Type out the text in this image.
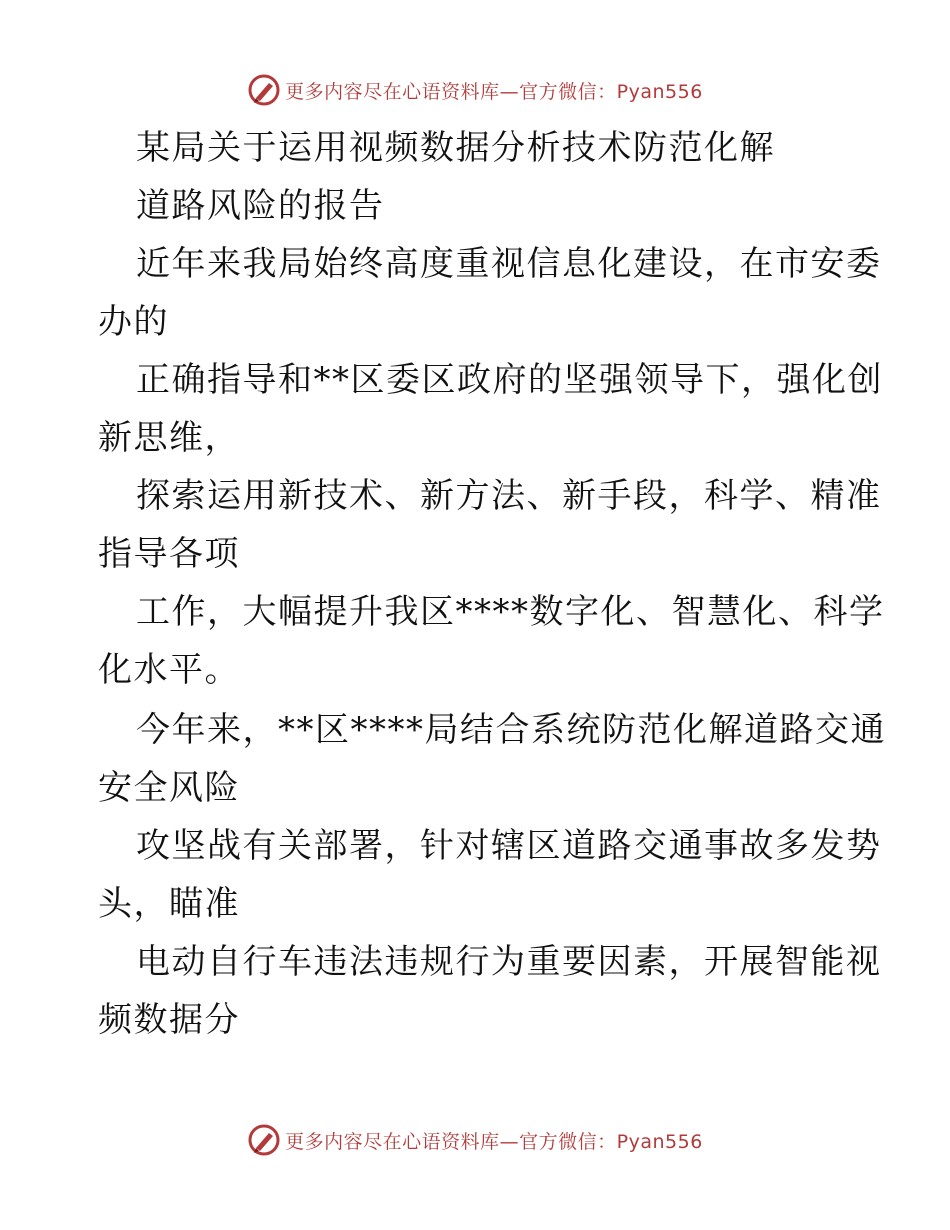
更多内容尽在心语资料库—官方微信：Pyan556
某局关于运用视频数据分析技术防范化解
道路风险的报告
近年来我局始终高度重视信息化建设，在市安委
办的
正确指导和**区委区政府的坚强领导下，强化创
新思维，
探索运用新技术、新方法、新手段，科学、精准
指导各项
工作，大幅提升我区****数字化、智慧化、科学
化水平。
今年来，**区****局结合系统防范化解道路交通
安全风险
攻坚战有关部署，针对辖区道路交通事故多发势
头，瞄准
电动自行车违法违规行为重要因素，开展智能视
频数据分
更多内容尽在心语资料库—官方微信：Pyan556
